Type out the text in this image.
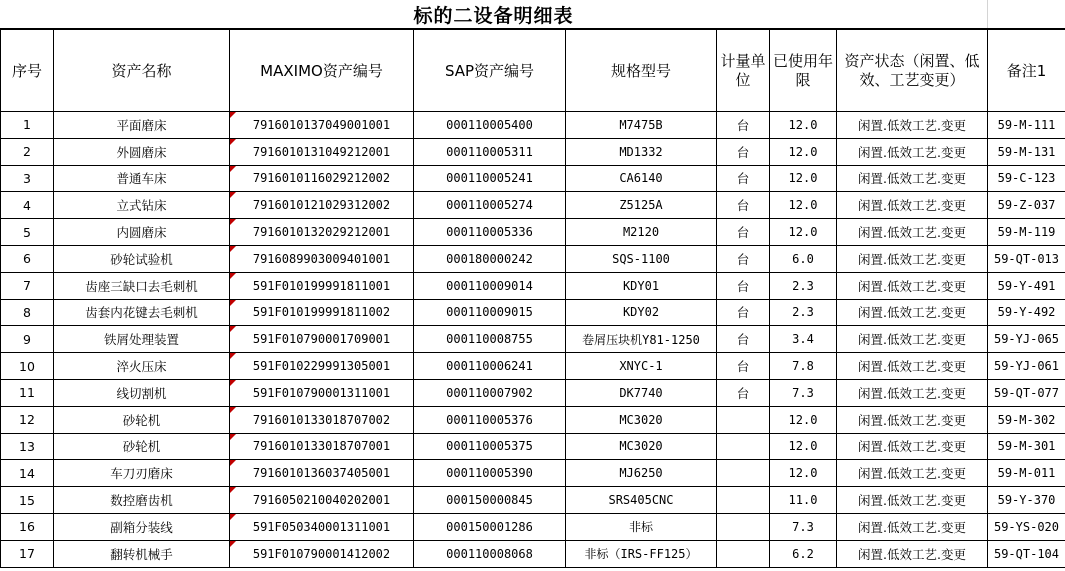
标的二设备明细表
序号	资产名称	MAXIMO资产编号	SAP资产编号	规格型号	计量单位	已使用年限	资产状态（闲置、低效、工艺变更）	备注1
1	平面磨床	7916010137049001001	000110005400	M7475B	台	12.0	闲置.低效工艺.变更	59-M-111
2	外圆磨床	7916010131049212001	000110005311	MD1332	台	12.0	闲置.低效工艺.变更	59-M-131
3	普通车床	7916010116029212002	000110005241	CA6140	台	12.0	闲置.低效工艺.变更	59-C-123
4	立式钻床	7916010121029312002	000110005274	Z5125A	台	12.0	闲置.低效工艺.变更	59-Z-037
5	内圆磨床	7916010132029212001	000110005336	M2120	台	12.0	闲置.低效工艺.变更	59-M-119
6	砂轮试验机	7916089903009401001	000180000242	SQS-1100	台	6.0	闲置.低效工艺.变更	59-QT-013
7	齿座三缺口去毛刺机	591F010199991811001	000110009014	KDY01	台	2.3	闲置.低效工艺.变更	59-Y-491
8	齿套内花键去毛刺机	591F010199991811002	000110009015	KDY02	台	2.3	闲置.低效工艺.变更	59-Y-492
9	铁屑处理装置	591F010790001709001	000110008755	卷屑压块机Y81-1250	台	3.4	闲置.低效工艺.变更	59-YJ-065
10	淬火压床	591F010229991305001	000110006241	XNYC-1	台	7.8	闲置.低效工艺.变更	59-YJ-061
11	线切割机	591F010790001311001	000110007902	DK7740	台	7.3	闲置.低效工艺.变更	59-QT-077
12	砂轮机	7916010133018707002	000110005376	MC3020		12.0	闲置.低效工艺.变更	59-M-302
13	砂轮机	7916010133018707001	000110005375	MC3020		12.0	闲置.低效工艺.变更	59-M-301
14	车刀刃磨床	7916010136037405001	000110005390	MJ6250		12.0	闲置.低效工艺.变更	59-M-011
15	数控磨齿机	7916050210040202001	000150000845	SRS405CNC		11.0	闲置.低效工艺.变更	59-Y-370
16	副箱分装线	591F050340001311001	000150001286	非标		7.3	闲置.低效工艺.变更	59-YS-020
17	翻转机械手	591F010790001412002	000110008068	非标（IRS-FF125）		6.2	闲置.低效工艺.变更	59-QT-104
